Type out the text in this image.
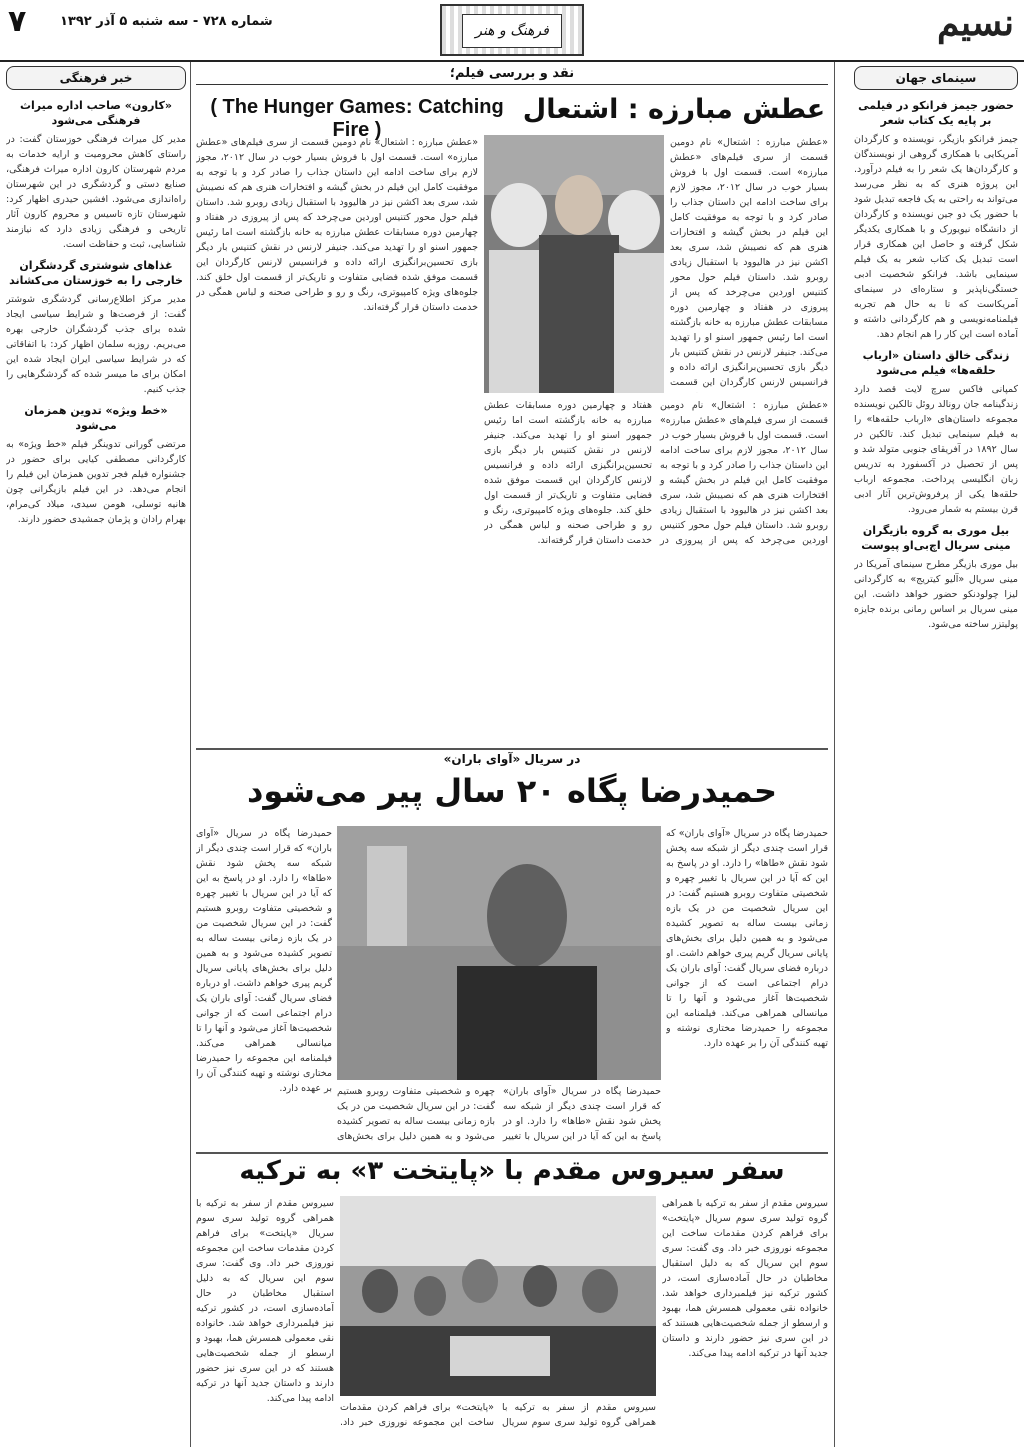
نسیم
فرهنگ و هنر
شماره ۷۲۸ - سه شنبه ۵ آذر ۱۳۹۲
۷
سینمای جهان
حضور جیمز فرانکو در فیلمی بر پایه یک کتاب شعر
جیمز فرانکو بازیگر، نویسنده و کارگردان آمریکایی با همکاری گروهی از نویسندگان و کارگردان‌ها یک شعر را به فیلم درآورد. این پروژه هنری که به نظر می‌رسد می‌تواند به راحتی به یک فاجعه تبدیل شود با حضور یک دو جین نویسنده و کارگردان از دانشگاه نیویورک و با همکاری یکدیگر شکل گرفته و حاصل این همکاری قرار است تبدیل یک کتاب شعر به یک فیلم سینمایی باشد. فرانکو شخصیت ادبی خستگی‌ناپذیر و ستاره‌ای در سینمای آمریکاست که تا به حال هم تجربه فیلمنامه‌نویسی و هم کارگردانی داشته و آماده است این کار را هم انجام دهد.
زندگی خالق داستان «ارباب حلقه‌ها» فیلم می‌شود
کمپانی فاکس سرچ لایت قصد دارد زندگینامه جان رونالد روئل تالکین نویسنده مجموعه داستان‌های «ارباب حلقه‌ها» را به فیلم سینمایی تبدیل کند. تالکین در سال ۱۸۹۲ در آفریقای جنوبی متولد شد و پس از تحصیل در آکسفورد به تدریس زبان انگلیسی پرداخت. مجموعه ارباب حلقه‌ها یکی از پرفروش‌ترین آثار ادبی قرن بیستم به شمار می‌رود.
بیل موری به گروه بازیگران مینی سریال اچ‌بی‌او پیوست
بیل موری بازیگر مطرح سینمای آمریکا در مینی سریال «آلیو کیتریج» به کارگردانی لیزا چولودنکو حضور خواهد داشت. این مینی سریال بر اساس رمانی برنده جایزه پولیتزر ساخته می‌شود.
خبر فرهنگی
«کارون» صاحب اداره میراث فرهنگی می‌شود
مدیر کل میراث فرهنگی خوزستان گفت: در راستای کاهش محرومیت و ارایه خدمات به مردم شهرستان کارون اداره میراث فرهنگی، صنایع دستی و گردشگری در این شهرستان راه‌اندازی می‌شود. افشین حیدری اظهار کرد: شهرستان تازه تاسیس و محروم کارون آثار تاریخی و فرهنگی زیادی دارد که نیازمند شناسایی، ثبت و حفاظت است.
غذاهای شوشتری گردشگران خارجی را به خوزستان می‌کشاند
مدیر مرکز اطلاع‌رسانی گردشگری شوشتر گفت: از فرصت‌ها و شرایط سیاسی ایجاد شده برای جذب گردشگران خارجی بهره می‌بریم. روزبه سلمان اظهار کرد: با اتفاقاتی که در شرایط سیاسی ایران ایجاد شده این امکان برای ما میسر شده که گردشگرهایی را جذب کنیم.
«خط ویژه» تدوین همزمان می‌شود
مرتضی گورانی تدوینگر فیلم «خط ویژه» به کارگردانی مصطفی کیایی برای حضور در جشنواره فیلم فجر تدوین همزمان این فیلم را انجام می‌دهد. در این فیلم بازیگرانی چون هانیه توسلی، هومن سیدی، میلاد کی‌مرام، بهرام رادان و پژمان جمشیدی حضور دارند.
نقد و بررسی فیلم؛
عطش مبارزه : اشتعال
( The Hunger Games: Catching Fire )
«عطش مبارزه : اشتعال» نام دومین قسمت از سری فیلم‌های «عطش مبارزه» است. قسمت اول با فروش بسیار خوب در سال ۲۰۱۲، مجوز لازم برای ساخت ادامه این داستان جذاب را صادر کرد و با توجه به موفقیت کامل این فیلم در بخش گیشه و افتخارات هنری هم که نصیبش شد، سری بعد اکشن نیز در هالیوود با استقبال زیادی روبرو شد. داستان فیلم حول محور کتنیس اوردین می‌چرخد که پس از پیروزی در هفتاد و چهارمین دوره مسابقات عطش مبارزه به خانه بازگشته است اما رئیس جمهور اسنو او را تهدید می‌کند. جنیفر لارنس در نقش کتنیس بار دیگر بازی تحسین‌برانگیزی ارائه داده و فرانسیس لارنس کارگردان این قسمت موفق شده فضایی متفاوت و تاریک‌تر از قسمت اول خلق کند. جلوه‌های ویژه کامپیوتری، رنگ و رو و طراحی صحنه و لباس همگی در خدمت داستان قرار گرفته‌اند.
«عطش مبارزه : اشتعال» نام دومین قسمت از سری فیلم‌های «عطش مبارزه» است. قسمت اول با فروش بسیار خوب در سال ۲۰۱۲، مجوز لازم برای ساخت ادامه این داستان جذاب را صادر کرد و با توجه به موفقیت کامل این فیلم در بخش گیشه و افتخارات هنری هم که نصیبش شد، سری بعد اکشن نیز در هالیوود با استقبال زیادی روبرو شد. داستان فیلم حول محور کتنیس اوردین می‌چرخد که پس از پیروزی در هفتاد و چهارمین دوره مسابقات عطش مبارزه به خانه بازگشته است اما رئیس جمهور اسنو او را تهدید می‌کند. جنیفر لارنس در نقش کتنیس بار دیگر بازی تحسین‌برانگیزی ارائه داده و فرانسیس لارنس کارگردان این قسمت
«عطش مبارزه : اشتعال» نام دومین قسمت از سری فیلم‌های «عطش مبارزه» است. قسمت اول با فروش بسیار خوب در سال ۲۰۱۲، مجوز لازم برای ساخت ادامه این داستان جذاب را صادر کرد و با توجه به موفقیت کامل این فیلم در بخش گیشه و افتخارات هنری هم که نصیبش شد، سری بعد اکشن نیز در هالیوود با استقبال زیادی روبرو شد. داستان فیلم حول محور کتنیس اوردین می‌چرخد که پس از پیروزی در هفتاد و چهارمین دوره مسابقات عطش مبارزه به خانه بازگشته است اما رئیس جمهور اسنو او را تهدید می‌کند. جنیفر لارنس در نقش کتنیس بار دیگر بازی تحسین‌برانگیزی ارائه داده و فرانسیس لارنس کارگردان این قسمت موفق شده فضایی متفاوت و تاریک‌تر از قسمت اول خلق کند. جلوه‌های ویژه کامپیوتری، رنگ و رو و طراحی صحنه و لباس همگی در خدمت داستان قرار گرفته‌اند.
در سریال «آوای باران»
حمیدرضا پگاه ۲۰ سال پیر می‌شود
حمیدرضا پگاه در سریال «آوای باران» که قرار است چندی دیگر از شبکه سه پخش شود نقش «طاها» را دارد. او در پاسخ به این که آیا در این سریال با تغییر چهره و شخصیتی متفاوت روبرو هستیم گفت: در این سریال شخصیت من در یک بازه زمانی بیست ساله به تصویر کشیده می‌شود و به همین دلیل برای بخش‌های پایانی سریال گریم پیری خواهم داشت. او درباره فضای سریال گفت: آوای باران یک درام اجتماعی است که از جوانی شخصیت‌ها آغاز می‌شود و آنها را تا میانسالی همراهی می‌کند. فیلمنامه این مجموعه را حمیدرضا مختاری نوشته و تهیه کنندگی آن را بر عهده دارد.
حمیدرضا پگاه در سریال «آوای باران» که قرار است چندی دیگر از شبکه سه پخش شود نقش «طاها» را دارد. او در پاسخ به این که آیا در این سریال با تغییر چهره و شخصیتی متفاوت روبرو هستیم گفت: در این سریال شخصیت من در یک بازه زمانی بیست ساله به تصویر کشیده می‌شود و به همین دلیل برای بخش‌های پایانی سریال گریم پیری خواهم داشت. او درباره فضای سریال گفت: آوای باران یک درام اجتماعی است که از جوانی شخصیت‌ها آغاز می‌شود و آنها را تا میانسالی همراهی می‌کند. فیلمنامه این مجموعه را حمیدرضا مختاری نوشته و تهیه کنندگی آن را بر عهده دارد.	حمیدرضا پگاه در سریال «آوای باران» که قرار است چندی دیگر از شبکه سه پخش شود نقش «طاها» را دارد. او در پاسخ به این که آیا در این سریال با تغییر چهره و شخصیتی متفاوت روبرو هستیم گفت: در این سریال شخصیت من در یک بازه زمانی بیست ساله به تصویر کشیده می‌شود و به همین دلیل برای بخش‌های
سفر سیروس مقدم با «پایتخت ۳» به ترکیه
سیروس مقدم از سفر به ترکیه با همراهی گروه تولید سری سوم سریال «پایتخت» برای فراهم کردن مقدمات ساخت این مجموعه نوروزی خبر داد. وی گفت: سری سوم این سریال که به دلیل استقبال مخاطبان در حال آماده‌سازی است، در کشور ترکیه نیز فیلمبرداری خواهد شد. خانواده نقی معمولی همسرش هما، بهبود و ارسطو از جمله شخصیت‌هایی هستند که در این سری نیز حضور دارند و داستان جدید آنها در ترکیه ادامه پیدا می‌کند.
سیروس مقدم از سفر به ترکیه با همراهی گروه تولید سری سوم سریال «پایتخت» برای فراهم کردن مقدمات ساخت این مجموعه نوروزی خبر داد. وی گفت: سری سوم این سریال که به دلیل استقبال مخاطبان در حال آماده‌سازی است، در کشور ترکیه نیز فیلمبرداری خواهد شد. خانواده نقی معمولی همسرش هما، بهبود و ارسطو از جمله شخصیت‌هایی هستند که در این سری نیز حضور دارند و داستان جدید آنها در ترکیه ادامه پیدا می‌کند.
سیروس مقدم از سفر به ترکیه با همراهی گروه تولید سری سوم سریال «پایتخت» برای فراهم کردن مقدمات ساخت این مجموعه نوروزی خبر داد.
